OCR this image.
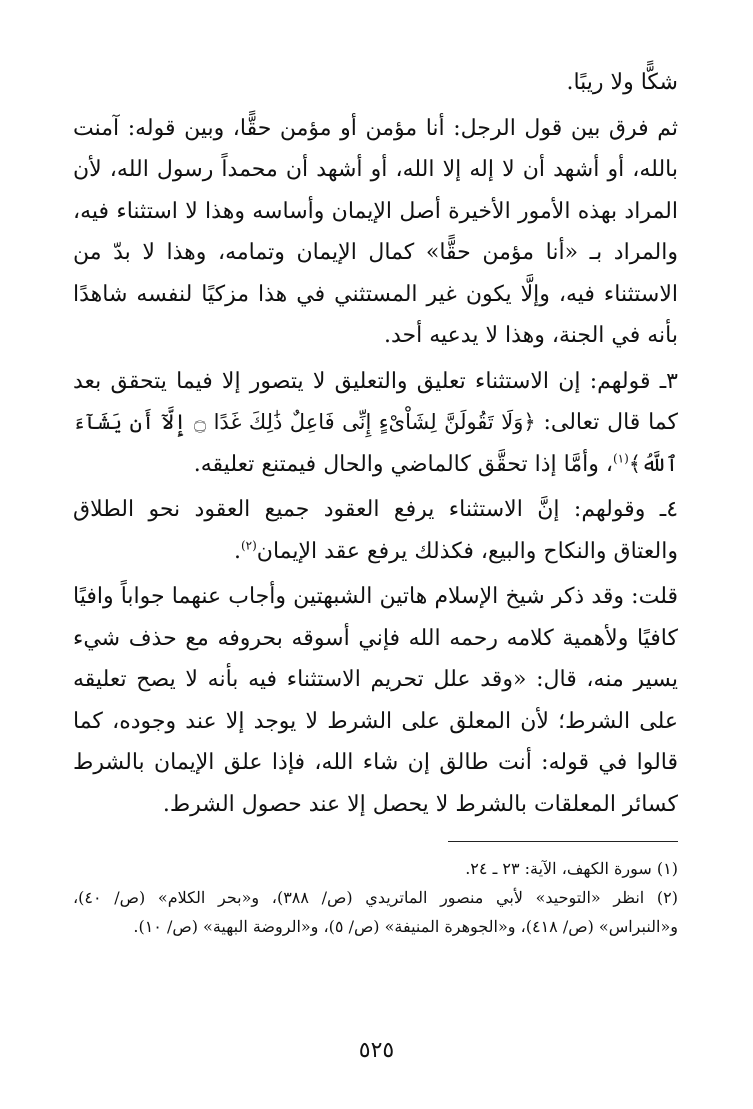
شكًّا ولا ريبًا.

ثم فرق بين قول الرجل: أنا مؤمن أو مؤمن حقًّا، وبين قوله: آمنت بالله، أو أشهد أن لا إله إلا الله، أو أشهد أن محمداً رسول الله، لأن المراد بهذه الأمور الأخيرة أصل الإيمان وأساسه وهذا لا استثناء فيه، والمراد بـ «أنا مؤمن حقًّا» كمال الإيمان وتمامه، وهذا لا بدّ من الاستثناء فيه، وإلَّا يكون غير المستثني في هذا مزكيًا لنفسه شاهدًا بأنه في الجنة، وهذا لا يدعيه أحد.

٣ـ قولهم: إن الاستثناء تعليق والتعليق لا يتصور إلا فيما يتحقق بعد كما قال تعالى: ﴿وَلَا تَقُولَنَّ لِشَاْىْءٍ إِنِّى فَاعِلٌ ذَٰلِكَ غَدًا ۝ إِلَّآ أَن يَشَآءَ ٱللَّهُ﴾$^{(١)}$، وأمَّا إذا تحقَّق كالماضي والحال فيمتنع تعليقه.

٤ـ وقولهم: إنَّ الاستثناء يرفع العقود جميع العقود نحو الطلاق والعتاق والنكاح والبيع، فكذلك يرفع عقد الإيمان$^{(٢)}$.

قلت: وقد ذكر شيخ الإسلام هاتين الشبهتين وأجاب عنهما جواباً وافيًا كافيًا ولأهمية كلامه رحمه الله فإني أسوقه بحروفه مع حذف شيء يسير منه، قال: «وقد علل تحريم الاستثناء فيه بأنه لا يصح تعليقه على الشرط؛ لأن المعلق على الشرط لا يوجد إلا عند وجوده، كما قالوا في قوله: أنت طالق إن شاء الله، فإذا علق الإيمان بالشرط كسائر المعلقات بالشرط لا يحصل إلا عند حصول الشرط.

(١) سورة الكهف، الآية: ٢٣ ـ ٢٤.

(٢) انظر «التوحيد» لأبي منصور الماتريدي (ص/ ٣٨٨)، و«بحر الكلام» (ص/ ٤٠)، و«النبراس» (ص/ ٤١٨)، و«الجوهرة المنيفة» (ص/ ٥)، و«الروضة البهية» (ص/ ١٠).

٥٢٥
